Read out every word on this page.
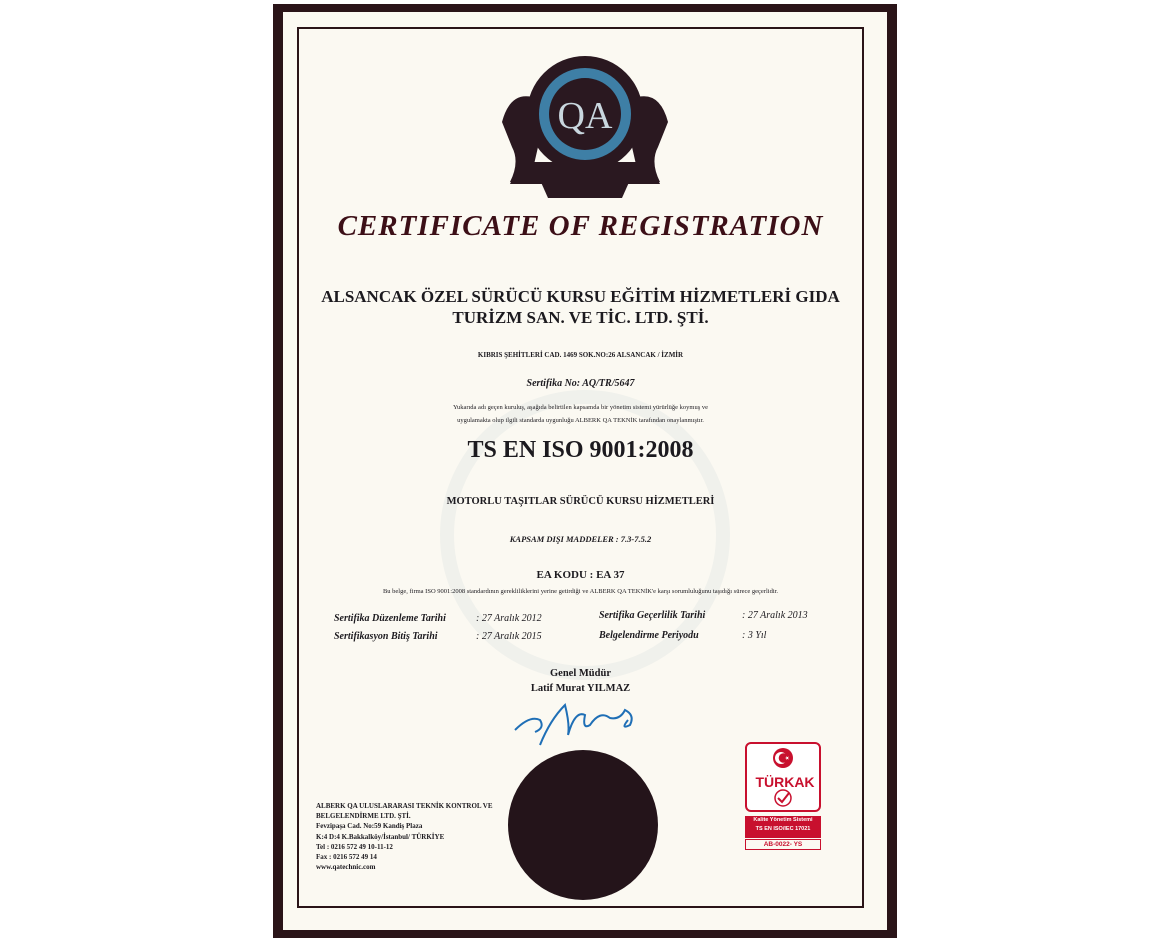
QA
CERTIFICATE OF REGISTRATION
ALSANCAK ÖZEL SÜRÜCÜ KURSU EĞİTİM HİZMETLERİ GIDA
TURİZM SAN. VE TİC. LTD. ŞTİ.
KIBRIS ŞEHİTLERİ CAD. 1469 SOK.NO:26 ALSANCAK / İZMİR
Sertifika No: AQ/TR/5647
Yukarıda adı geçen kuruluş, aşağıda belirtilen kapsamda bir yönetim sistemi yürürlüğe koymuş ve
uygulamakta olup ilgili standarda uygunluğu ALBERK QA TEKNİK tarafından onaylanmıştır.
TS EN ISO 9001:2008
MOTORLU TAŞITLAR SÜRÜCÜ KURSU HİZMETLERİ
KAPSAM DIŞI MADDELER : 7.3-7.5.2
EA KODU : EA 37
Bu belge, firma ISO 9001:2008 standardının gerekliliklerini yerine getirdiği ve ALBERK QA TEKNİK'e karşı sorumluluğunu taşıdığı sürece geçerlidir.
Sertifika Düzenleme Tarihi	: 27 Aralık 2012	Sertifika Geçerlilik Tarihi	: 27 Aralık 2013
Sertifikasyon Bitiş Tarihi	: 27 Aralık 2015	Belgelendirme Periyodu	: 3 Yıl
Genel Müdür
Latif Murat YILMAZ
ALBERK QA ULUSLARARASI TEKNİK KONTROL VE
BELGELENDİRME LTD. ŞTİ.
Fevzipaşa Cad. No:59 Kandiş Plaza
K:4 D:4 K.Bakkalköy/İstanbul/ TÜRKİYE
Tel : 0216 572 49 10-11-12
Fax : 0216 572 49 14
www.qatechnic.com
TÜRKAK
Kalite Yönetim Sistemi
TS EN ISO/IEC 17021
AB-0022- YS
